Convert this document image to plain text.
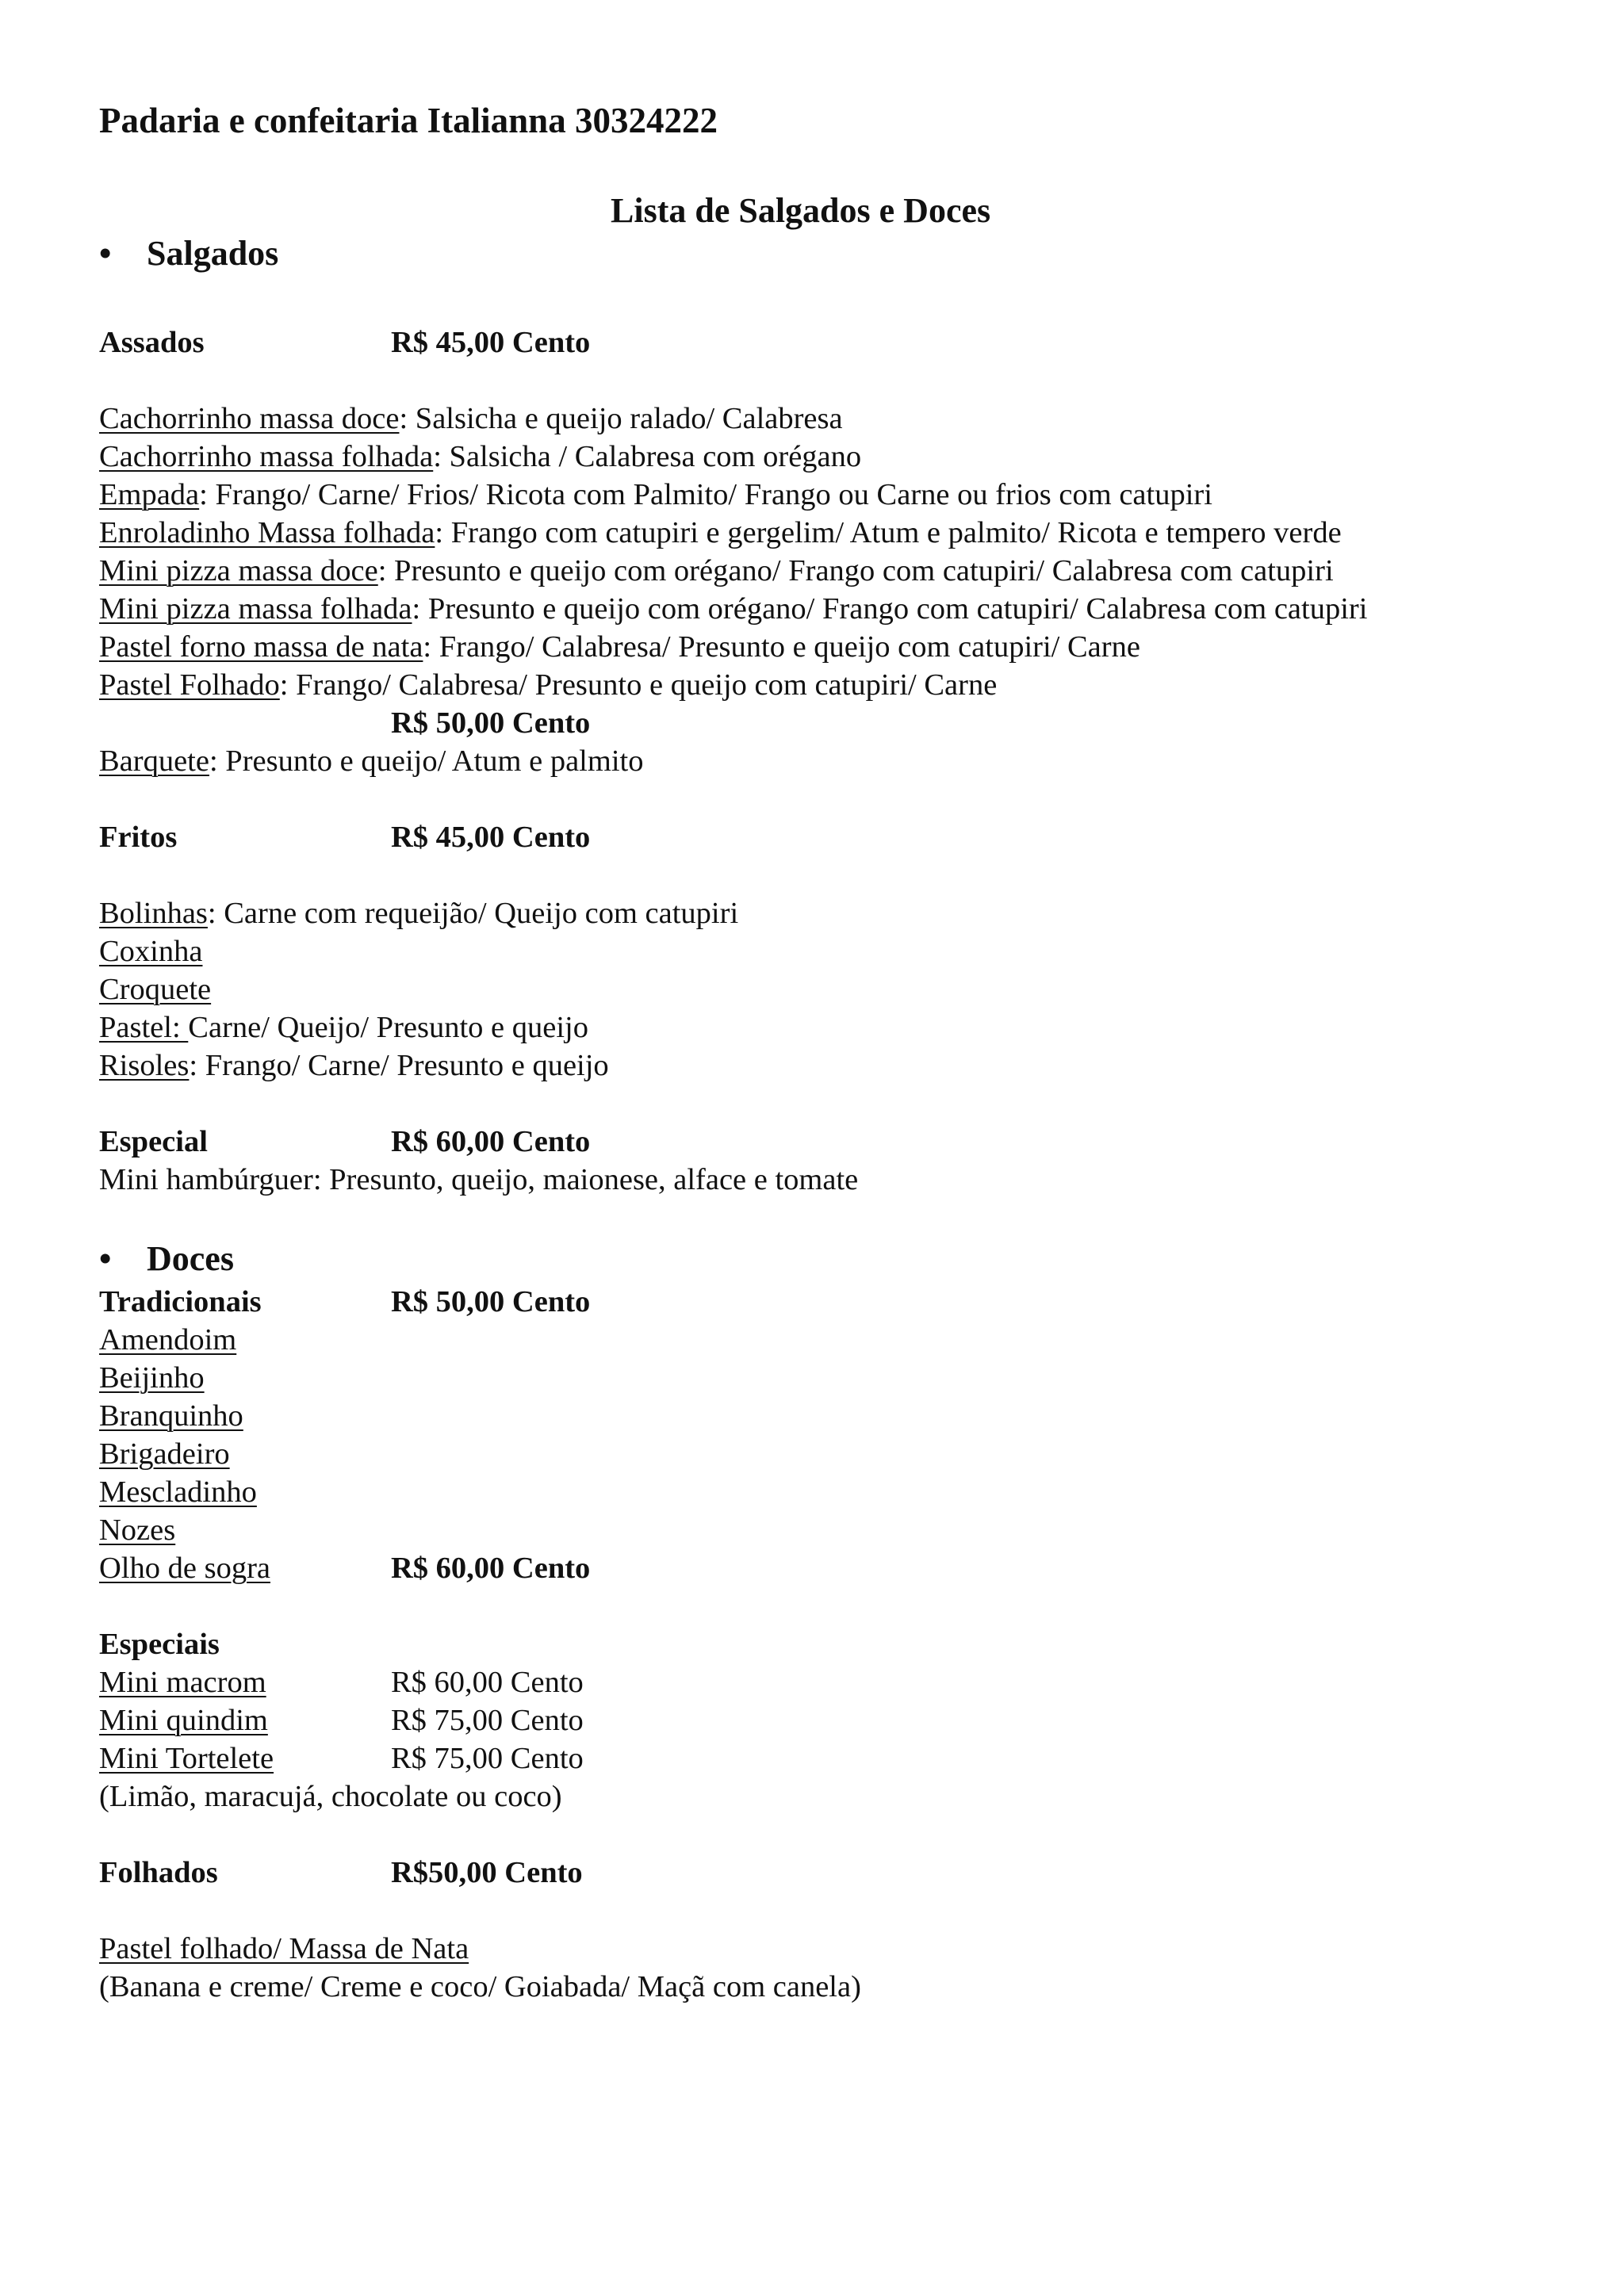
Padaria e confeitaria Italianna 30324222
Lista de Salgados e Doces
• Salgados
Assados	R$ 45,00 Cento
Cachorrinho massa doce: Salsicha e queijo ralado/ Calabresa
Cachorrinho massa folhada: Salsicha / Calabresa com orégano
Empada: Frango/ Carne/ Frios/ Ricota com Palmito/ Frango ou Carne ou frios com catupiri
Enroladinho Massa folhada: Frango com catupiri e gergelim/ Atum e palmito/ Ricota e tempero verde
Mini pizza massa doce: Presunto e queijo com orégano/ Frango com catupiri/ Calabresa com catupiri
Mini pizza massa folhada: Presunto e queijo com orégano/ Frango com catupiri/ Calabresa com catupiri
Pastel forno massa de nata: Frango/ Calabresa/ Presunto e queijo com catupiri/ Carne
Pastel Folhado: Frango/ Calabresa/ Presunto e queijo com catupiri/ Carne
R$ 50,00 Cento
Barquete: Presunto e queijo/ Atum e palmito
Fritos	R$ 45,00 Cento
Bolinhas: Carne com requeijão/ Queijo com catupiri
Coxinha
Croquete
Pastel: Carne/ Queijo/ Presunto e queijo
Risoles: Frango/ Carne/ Presunto e queijo
Especial	R$ 60,00 Cento
Mini hambúrguer: Presunto, queijo, maionese, alface e tomate
• Doces
Tradicionais	R$ 50,00 Cento
Amendoim
Beijinho
Branquinho
Brigadeiro
Mescladinho
Nozes
Olho de sogra	R$ 60,00 Cento
Especiais
Mini macrom	R$ 60,00 Cento
Mini quindim	R$ 75,00 Cento
Mini Tortelete	R$ 75,00 Cento
(Limão, maracujá, chocolate ou coco)
Folhados	R$50,00 Cento
Pastel folhado/ Massa de Nata
(Banana e creme/ Creme e coco/ Goiabada/ Maçã com canela)
